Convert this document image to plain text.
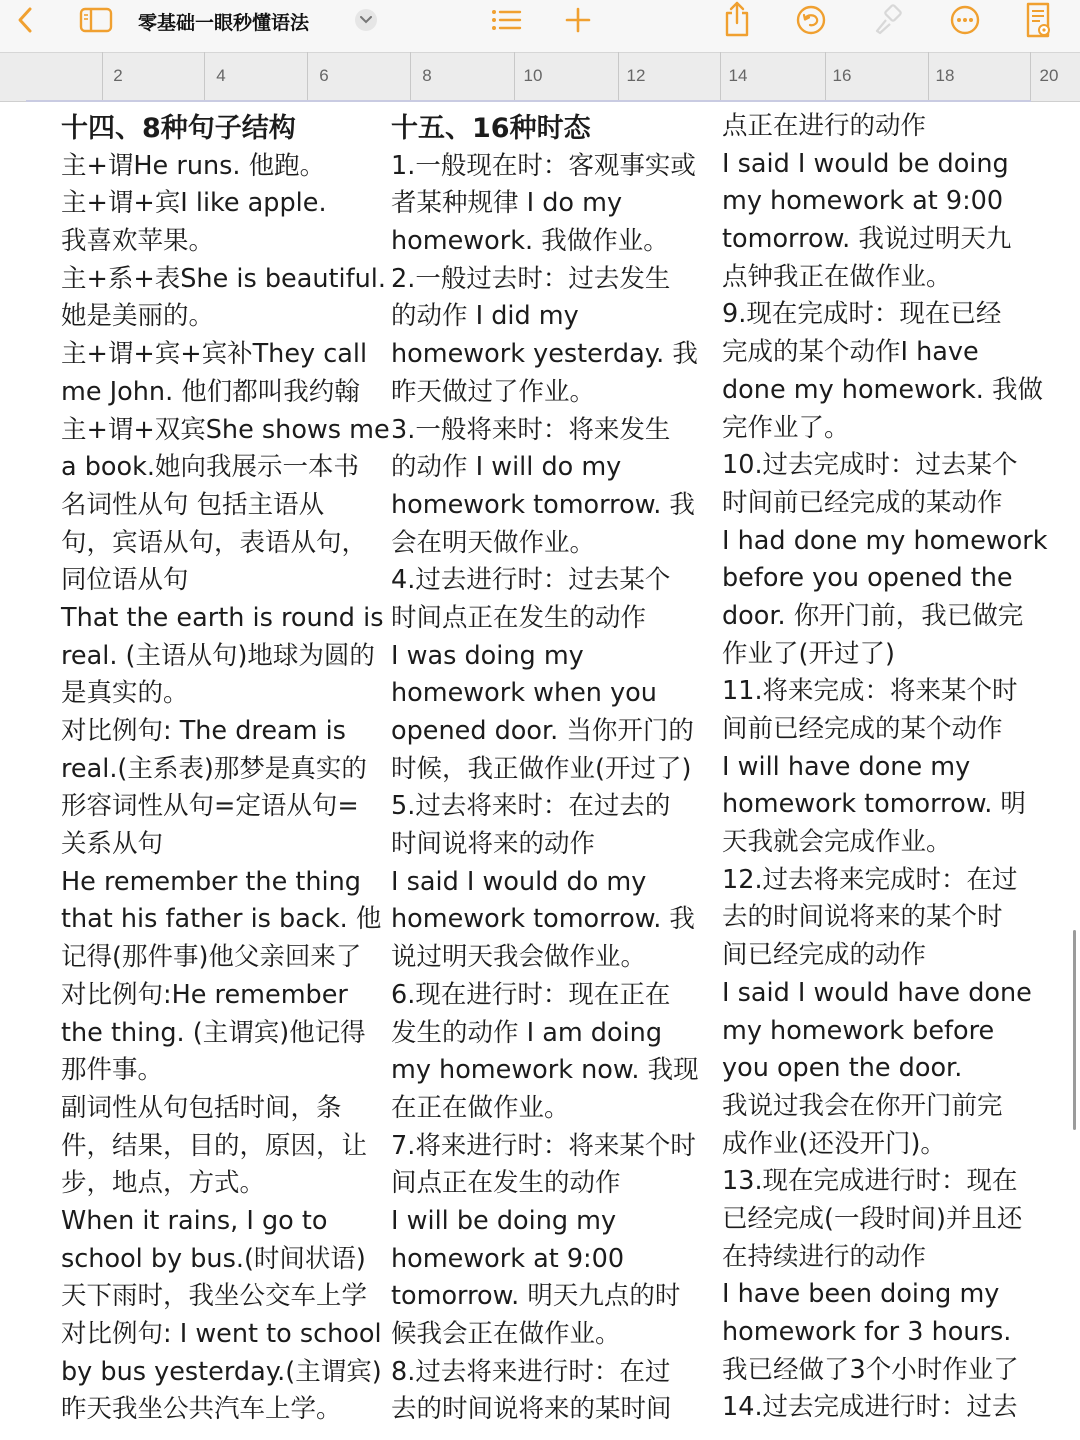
零基础一眼秒懂语法
2	4	6	8	10	12	14	16	18	20
十四、8种句子结构
主+谓He runs. 他跑。
主+谓+宾I like apple.
我喜欢苹果。
主+系+表She is beautiful.
她是美丽的。
主+谓+宾+宾补They call
me John. 他们都叫我约翰
主+谓+双宾She shows me
a book.她向我展示一本书
名词性从句 包括主语从
句，宾语从句，表语从句，
同位语从句
That the earth is round is
real. (主语从句)地球为圆的
是真实的。
对比例句: The dream is
real.(主系表)那梦是真实的
形容词性从句=定语从句=
关系从句
He remember the thing
that his father is back. 他
记得(那件事)他父亲回来了
对比例句:He remember
the thing. (主谓宾)他记得
那件事。
副词性从句包括时间，条
件，结果，目的，原因，让
步，地点，方式。
When it rains, I go to
school by bus.(时间状语)
天下雨时，我坐公交车上学
对比例句: I went to school
by bus yesterday.(主谓宾)
昨天我坐公共汽车上学。
十五、16种时态
1.一般现在时：客观事实或
者某种规律 I do my
homework. 我做作业。
2.一般过去时：过去发生
的动作 I did my
homework yesterday. 我
昨天做过了作业。
3.一般将来时：将来发生
的动作 I will do my
homework tomorrow. 我
会在明天做作业。
4.过去进行时：过去某个
时间点正在发生的动作
I was doing my
homework when you
opened door. 当你开门的
时候，我正做作业(开过了)
5.过去将来时：在过去的
时间说将来的动作
I said I would do my
homework tomorrow. 我
说过明天我会做作业。
6.现在进行时：现在正在
发生的动作 I am doing
my homework now. 我现
在正在做作业。
7.将来进行时：将来某个时
间点正在发生的动作
I will be doing my
homework at 9:00
tomorrow. 明天九点的时
候我会正在做作业。
8.过去将来进行时：在过
去的时间说将来的某时间
点正在进行的动作
I said I would be doing
my homework at 9:00
tomorrow. 我说过明天九
点钟我正在做作业。
9.现在完成时：现在已经
完成的某个动作I have
done my homework. 我做
完作业了。
10.过去完成时：过去某个
时间前已经完成的某动作
I had done my homework
before you opened the
door. 你开门前，我已做完
作业了(开过了)
11.将来完成：将来某个时
间前已经完成的某个动作
I will have done my
homework tomorrow. 明
天我就会完成作业。
12.过去将来完成时：在过
去的时间说将来的某个时
间已经完成的动作
I said I would have done
my homework before
you open the door.
我说过我会在你开门前完
成作业(还没开门)。
13.现在完成进行时：现在
已经完成(一段时间)并且还
在持续进行的动作
I have been doing my
homework for 3 hours.
我已经做了3个小时作业了
14.过去完成进行时：过去
